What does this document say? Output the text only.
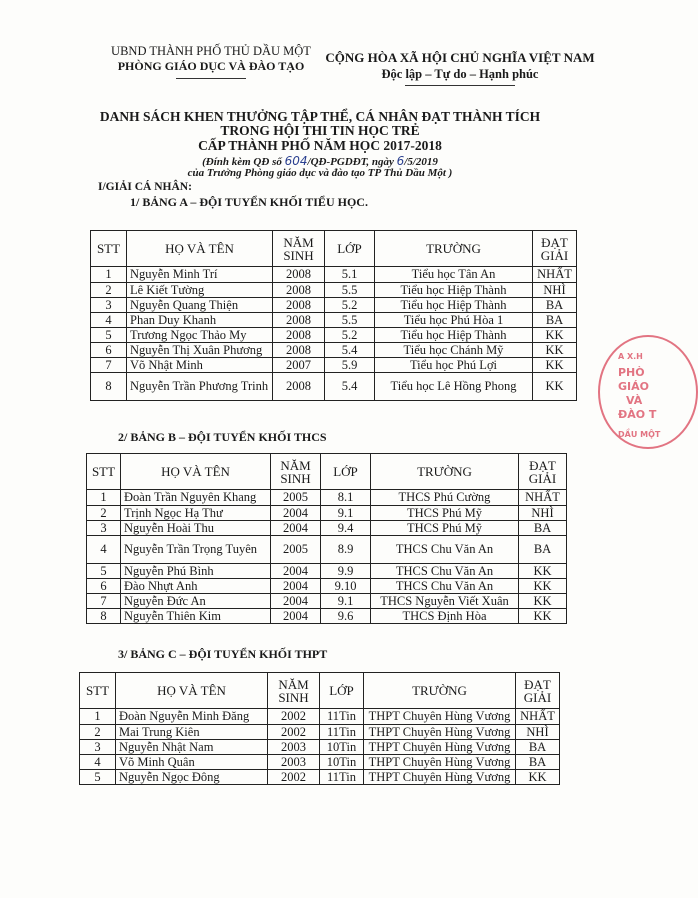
UBND THÀNH PHỐ THỦ DẦU MỘT
PHÒNG GIÁO DỤC VÀ ĐÀO TẠO
CỘNG HÒA XÃ HỘI CHỦ NGHĨA VIỆT NAM
Độc lập – Tự do – Hạnh phúc
DANH SÁCH KHEN THƯỞNG TẬP THỂ, CÁ NHÂN ĐẠT THÀNH TÍCH
TRONG HỘI THI TIN HỌC TRẺ
CẤP THÀNH PHỐ NĂM HỌC 2017-2018
(Đính kèm QĐ số 604/QĐ-PGDĐT, ngày 6/5/2019
của Trưởng Phòng giáo dục và đào tạo TP Thủ Dầu Một )
I/GIẢI CÁ NHÂN:
1/ BẢNG A – ĐỘI TUYỂN KHỐI TIỂU HỌC.
STT	HỌ VÀ TÊN	NĂM SINH	LỚP	TRƯỜNG	ĐẠT GIẢI

1	Nguyễn Minh Trí	2008	5.1	Tiểu học Tân An	NHẤT
2	Lê Kiết Tường	2008	5.5	Tiểu học Hiệp Thành	NHÌ
3	Nguyễn Quang Thiện	2008	5.2	Tiểu học Hiệp Thành	BA
4	Phan Duy Khanh	2008	5.5	Tiểu học Phú Hòa 1	BA
5	Trương Ngọc Thảo My	2008	5.2	Tiểu học Hiệp Thành	KK
6	Nguyễn Thị Xuân Phương	2008	5.4	Tiểu học Chánh Mỹ	KK
7	Võ Nhật Minh	2007	5.9	Tiểu học Phú Lợi	KK
8	Nguyễn Trần Phương Trinh	2008	5.4	Tiểu học Lê Hồng Phong	KK
2/ BẢNG B – ĐỘI TUYỂN KHỐI THCS
STT	HỌ VÀ TÊN	NĂM SINH	LỚP	TRƯỜNG	ĐẠT GIẢI

1	Đoàn Trần Nguyên Khang	2005	8.1	THCS Phú Cường	NHẤT
2	Trịnh Ngọc Hạ Thư	2004	9.1	THCS Phú Mỹ	NHÌ
3	Nguyễn Hoài Thu	2004	9.4	THCS Phú Mỹ	BA
4	Nguyễn Trần Trọng Tuyên	2005	8.9	THCS Chu Văn An	BA
5	Nguyễn Phú Bình	2004	9.9	THCS Chu Văn An	KK
6	Đào Nhựt Anh	2004	9.10	THCS Chu Văn An	KK
7	Nguyễn Đức An	2004	9.1	THCS Nguyễn Viết Xuân	KK
8	Nguyễn Thiên Kim	2004	9.6	THCS Định Hòa	KK
3/ BẢNG C – ĐỘI TUYỂN KHỐI THPT
STT	HỌ VÀ TÊN	NĂM SINH	LỚP	TRƯỜNG	ĐẠT GIẢI

1	Đoàn Nguyễn Minh Đăng	2002	11Tin	THPT Chuyên Hùng Vương	NHẤT
2	Mai Trung Kiên	2002	11Tin	THPT Chuyên Hùng Vương	NHÌ
3	Nguyễn Nhật Nam	2003	10Tin	THPT Chuyên Hùng Vương	BA
4	Võ Minh Quân	2003	10Tin	THPT Chuyên Hùng Vương	BA
5	Nguyễn Ngọc Đông	2002	11Tin	THPT Chuyên Hùng Vương	KK
A X.H
PHÒ
GIÁO
VÀ
ĐÀO T
DẦU MỘT
